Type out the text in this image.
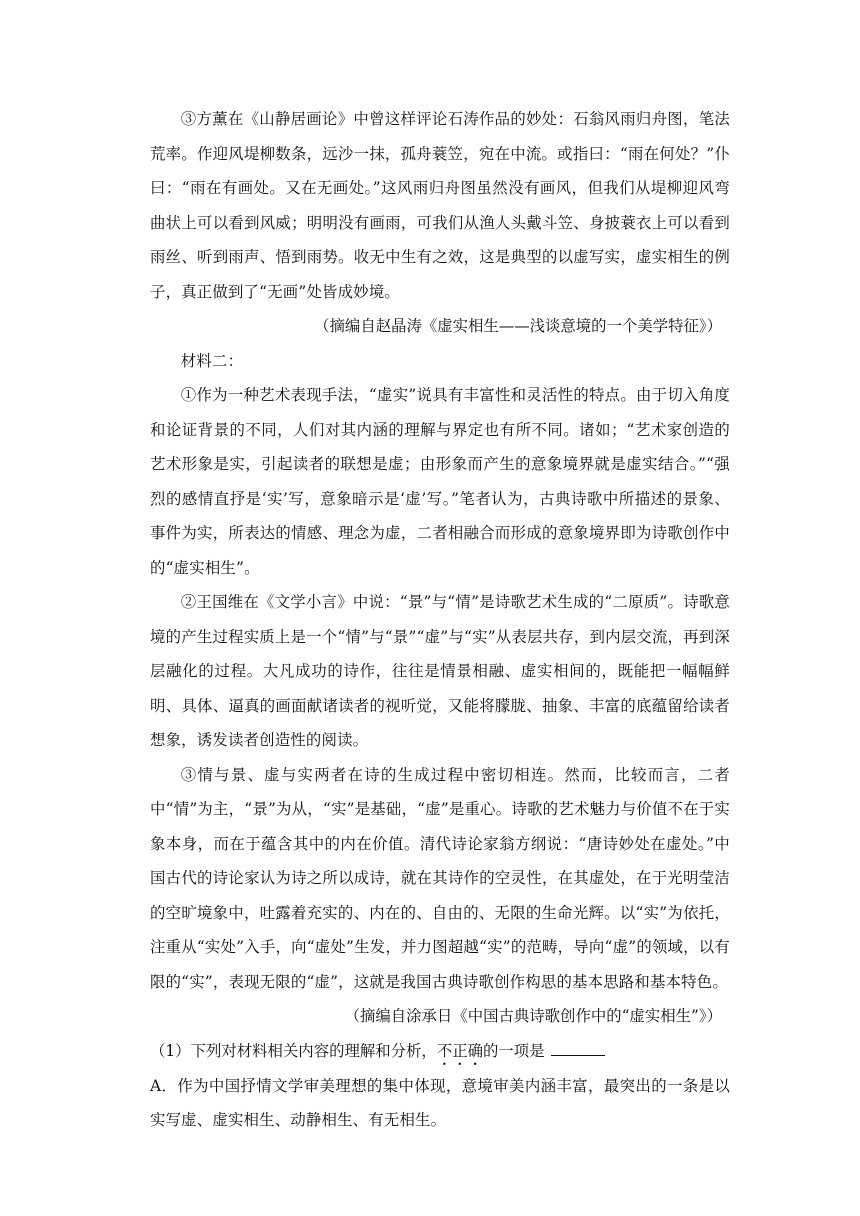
③方薰在《山静居画论》中曾这样评论石涛作品的妙处：石翁风雨归舟图，笔法荒率。作迎风堤柳数条，远沙一抹，孤舟蓑笠，宛在中流。或指曰：“雨在何处？”仆曰：“雨在有画处。又在无画处。”这风雨归舟图虽然没有画风，但我们从堤柳迎风弯曲状上可以看到风威；明明没有画雨，可我们从渔人头戴斗笠、身披蓑衣上可以看到雨丝、听到雨声、悟到雨势。收无中生有之效，这是典型的以虚写实，虚实相生的例子，真正做到了“无画”处皆成妙境。

（摘编自赵晶涛《虚实相生——浅谈意境的一个美学特征》）

材料二：

①作为一种艺术表现手法，“虚实”说具有丰富性和灵活性的特点。由于切入角度和论证背景的不同，人们对其内涵的理解与界定也有所不同。诸如；“艺术家创造的艺术形象是实，引起读者的联想是虚；由形象而产生的意象境界就是虚实结合。”“强烈的感情直抒是‘实’写，意象暗示是‘虚’写。”笔者认为，古典诗歌中所描述的景象、事件为实，所表达的情感、理念为虚，二者相融合而形成的意象境界即为诗歌创作中的“虚实相生”。

②王国维在《文学小言》中说：“景”与“情”是诗歌艺术生成的“二原质”。诗歌意境的产生过程实质上是一个“情”与“景”“虚”与“实”从表层共存，到内层交流，再到深层融化的过程。大凡成功的诗作，往往是情景相融、虚实相间的，既能把一幅幅鲜明、具体、逼真的画面献诸读者的视听觉，又能将朦胧、抽象、丰富的底蕴留给读者想象，诱发读者创造性的阅读。

③情与景、虚与实两者在诗的生成过程中密切相连。然而，比较而言，二者中“情”为主，“景”为从，“实”是基础，“虚”是重心。诗歌的艺术魅力与价值不在于实象本身，而在于蕴含其中的内在价值。清代诗论家翁方纲说：“唐诗妙处在虚处。”中国古代的诗论家认为诗之所以成诗，就在其诗作的空灵性，在其虚处，在于光明莹洁的空旷境象中，吐露着充实的、内在的、自由的、无限的生命光辉。以“实”为依托，注重从“实处”入手，向“虚处”生发，并力图超越“实”的范畴，导向“虚”的领域，以有限的“实”，表现无限的“虚”，这就是我国古典诗歌创作构思的基本思路和基本特色。

（摘编自涂承日《中国古典诗歌创作中的“虚实相生”》）

（1）下列对材料相关内容的理解和分析，不正确的一项是

A．作为中国抒情文学审美理想的集中体现，意境审美内涵丰富，最突出的一条是以实写虚、虚实相生、动静相生、有无相生。
